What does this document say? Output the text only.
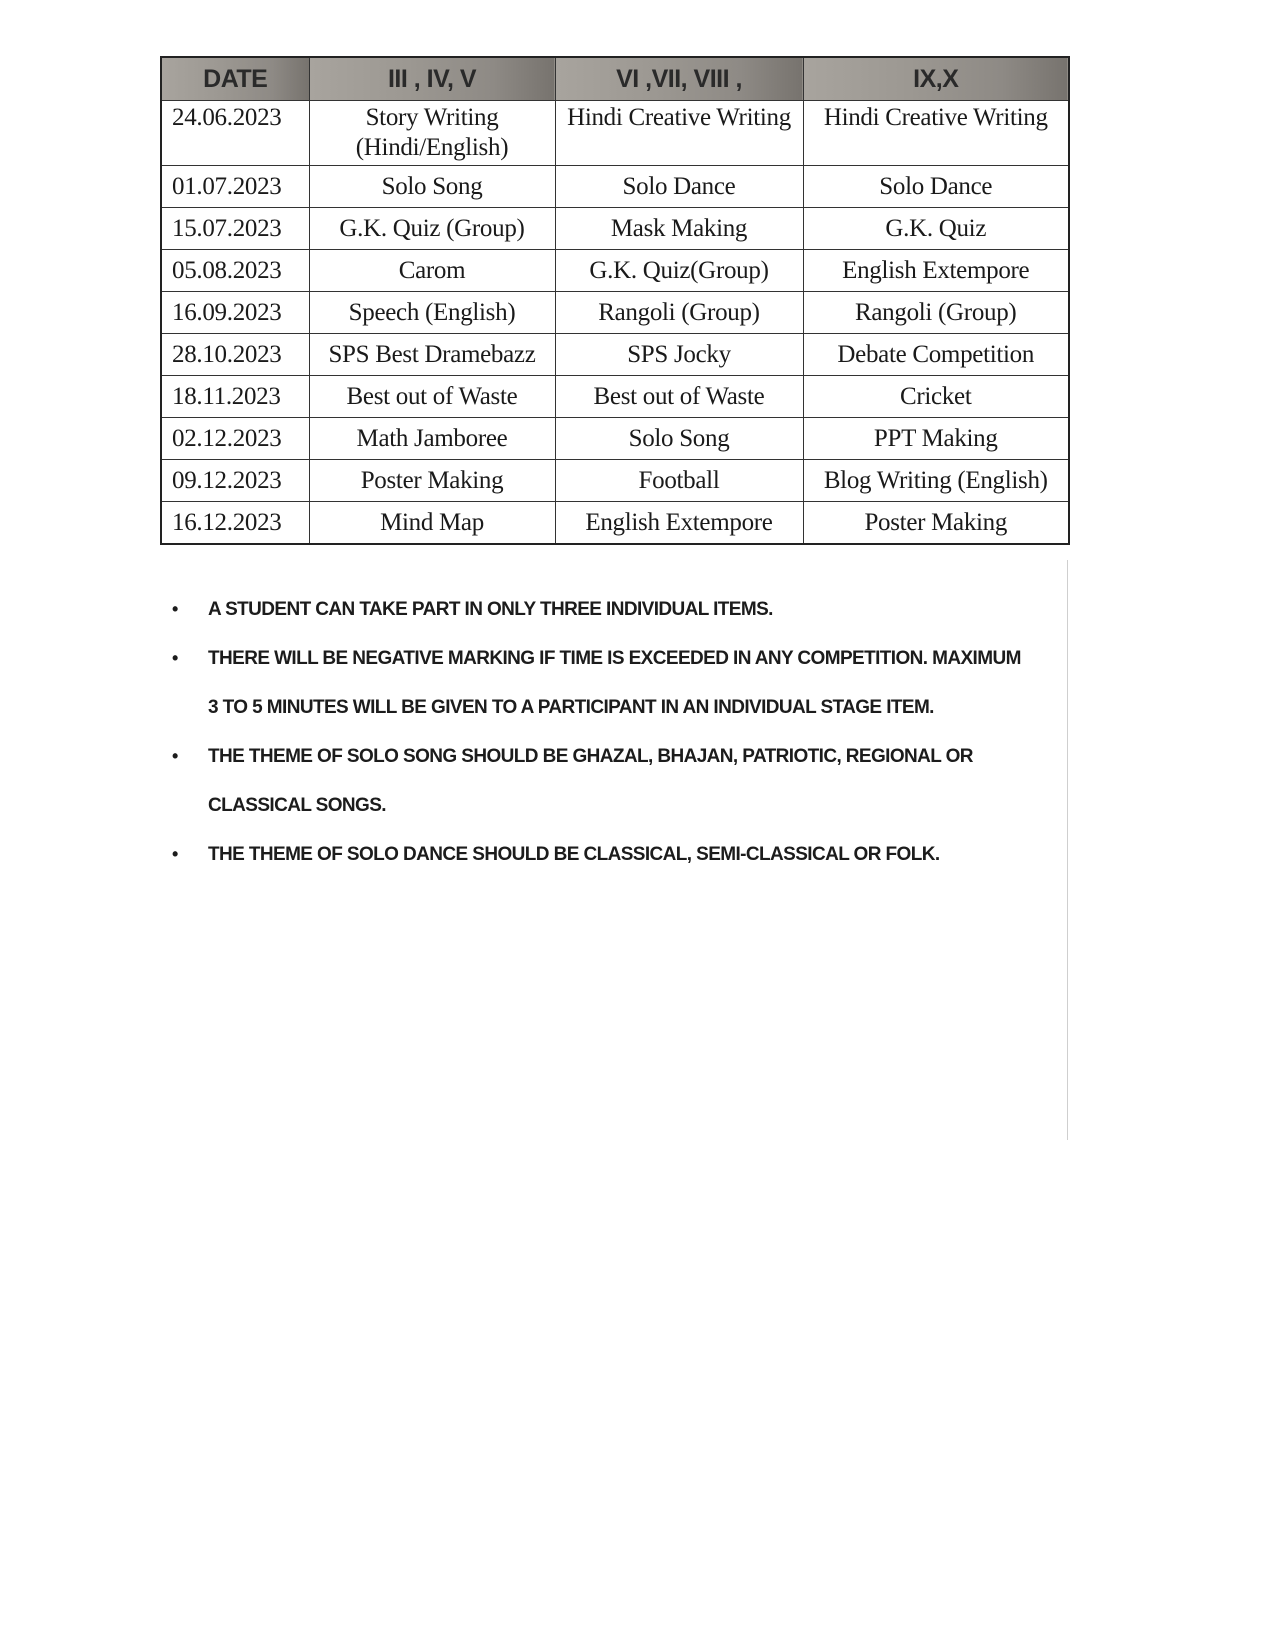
DATE	III , IV, V	VI ,VII, VIII ,	IX,X
24.06.2023	Story Writing (Hindi/English)	Hindi Creative Writing	Hindi Creative Writing
01.07.2023	Solo Song	Solo Dance	Solo Dance
15.07.2023	G.K. Quiz (Group)	Mask Making	G.K. Quiz
05.08.2023	Carom	G.K. Quiz(Group)	English Extempore
16.09.2023	Speech (English)	Rangoli (Group)	Rangoli (Group)
28.10.2023	SPS Best Dramebazz	SPS Jocky	Debate Competition
18.11.2023	Best out of Waste	Best out of Waste	Cricket
02.12.2023	Math Jamboree	Solo Song	PPT Making
09.12.2023	Poster Making	Football	Blog Writing (English)
16.12.2023	Mind Map	English Extempore	Poster Making
• A STUDENT CAN TAKE PART IN ONLY THREE INDIVIDUAL ITEMS.
• THERE WILL BE NEGATIVE MARKING IF TIME IS EXCEEDED IN ANY COMPETITION. MAXIMUM
3 TO 5 MINUTES WILL BE GIVEN TO A PARTICIPANT IN AN INDIVIDUAL STAGE ITEM.
• THE THEME OF SOLO SONG SHOULD BE GHAZAL, BHAJAN, PATRIOTIC, REGIONAL OR
CLASSICAL SONGS.
• THE THEME OF SOLO DANCE SHOULD BE CLASSICAL, SEMI-CLASSICAL OR FOLK.
